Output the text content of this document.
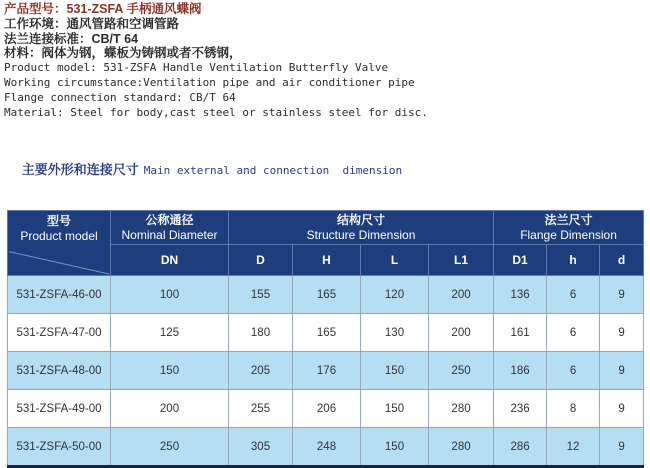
产品型号：531-ZSFA 手柄通风蝶阀
工作环境：通风管路和空调管路
法兰连接标准：CB/T 64
材料：阀体为钢，蝶板为铸钢或者不锈钢，
Product model: 531-ZSFA Handle Ventilation Butterfly Valve
Working circumstance:Ventilation pipe and air conditioner pipe
Flange connection standard: CB/T 64
Material: Steel for body,cast steel or stainless steel for disc.

主要外形和连接尺寸 Main external and connection  dimension

型号
Product model

公称通径
Nominal Diameter

结构尺寸
Structure Dimension

法兰尺寸
Flange Dimension

	DN	D	H	L	L1	D1	h	d
531-ZSFA-46-00	100	155	165	120	200	136	6	9
531-ZSFA-47-00	125	180	165	130	200	161	6	9
531-ZSFA-48-00	150	205	176	150	250	186	6	9
531-ZSFA-49-00	200	255	206	150	280	236	8	9
531-ZSFA-50-00	250	305	248	150	280	286	12	9
